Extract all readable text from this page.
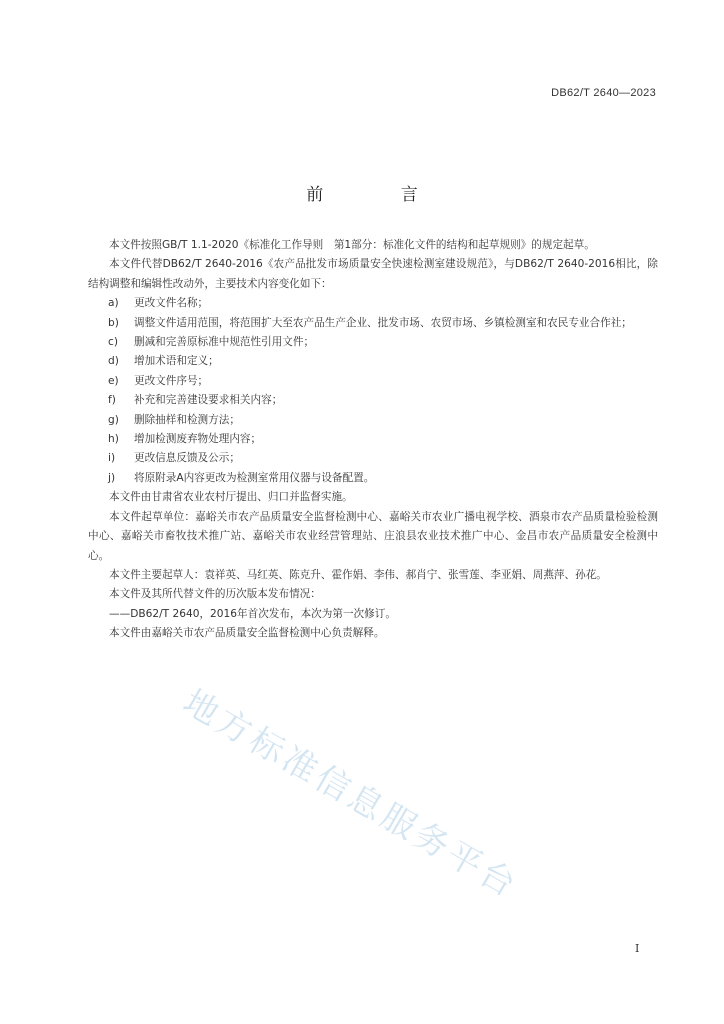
DB62/T 2640—2023
前 言

本文件按照GB/T 1.1-2020《标准化工作导则　第1部分：标准化文件的结构和起草规则》的规定起草。

本文件代替DB62/T 2640-2016《农产品批发市场质量安全快速检测室建设规范》，与DB62/T 2640-2016相比，除结构调整和编辑性改动外，主要技术内容变化如下：

a)	更改文件名称；
b)	调整文件适用范围，将范围扩大至农产品生产企业、批发市场、农贸市场、乡镇检测室和农民专业合作社；
c)	删减和完善原标准中规范性引用文件；
d)	增加术语和定义；
e)	更改文件序号；
f)	补充和完善建设要求相关内容；
g)	删除抽样和检测方法；
h)	增加检测废弃物处理内容；
i)	更改信息反馈及公示；
j)	将原附录A内容更改为检测室常用仪器与设备配置。

本文件由甘肃省农业农村厅提出、归口并监督实施。

本文件起草单位：嘉峪关市农产品质量安全监督检测中心、嘉峪关市农业广播电视学校、酒泉市农产品质量检验检测中心、嘉峪关市畜牧技术推广站、嘉峪关市农业经营管理站、庄浪县农业技术推广中心、金昌市农产品质量安全检测中心。

本文件主要起草人：袁祥英、马红英、陈克升、霍作娟、李伟、郝肖宁、张雪莲、李亚娟、周燕萍、孙花。

本文件及其所代替文件的历次版本发布情况：

——DB62/T 2640，2016年首次发布，本次为第一次修订。

本文件由嘉峪关市农产品质量安全监督检测中心负责解释。

地方标准信息服务平台
I
